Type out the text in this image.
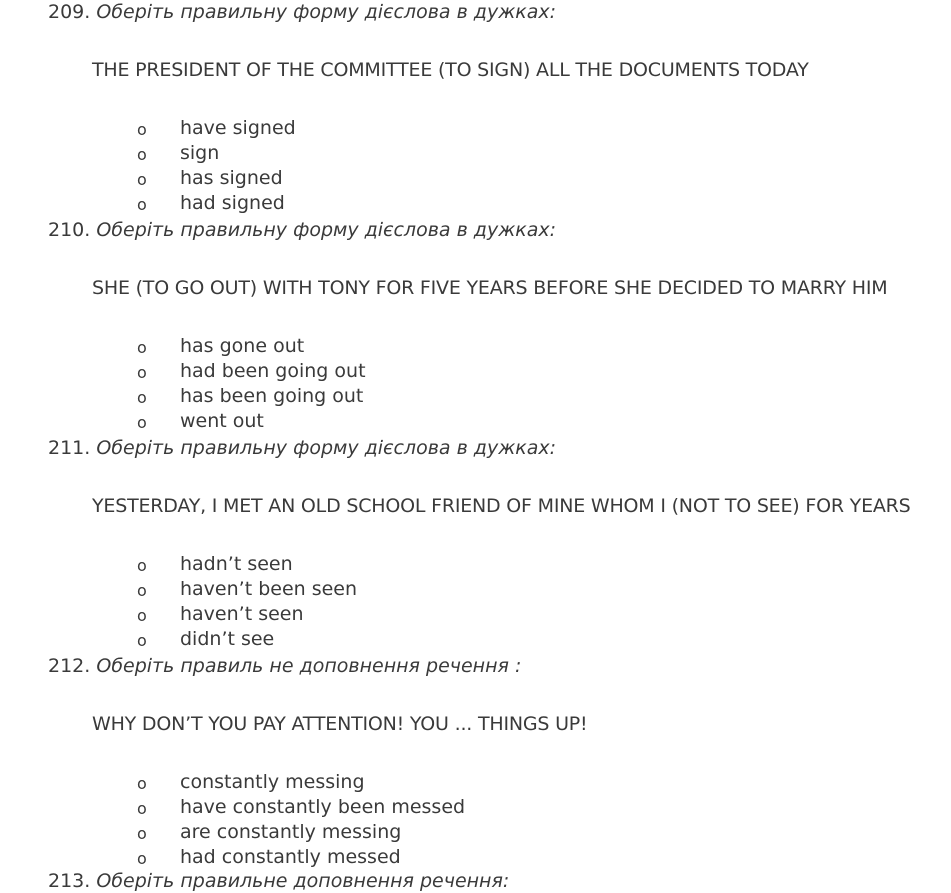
209. Оберіть правильну форму дієслова в дужках:
THE PRESIDENT OF THE COMMITTEE (TO SIGN) ALL THE DOCUMENTS TODAY
o have signed
o sign
o has signed
o had signed
210. Оберіть правильну форму дієслова в дужках:
SHE (TO GO OUT) WITH TONY FOR FIVE YEARS BEFORE SHE DECIDED TO MARRY HIM
o has gone out
o had been going out
o has been going out
o went out
211. Оберіть правильну форму дієслова в дужках:
YESTERDAY, I MET AN OLD SCHOOL FRIEND OF MINE WHOM I (NOT TO SEE) FOR YEARS
o hadn’t seen
o haven’t been seen
o haven’t seen
o didn’t see
212. Оберіть правиль не доповнення речення :
WHY DON’T YOU PAY ATTENTION! YOU ... THINGS UP!
o constantly messing
o have constantly been messed
o are constantly messing
o had constantly messed
213. Оберіть правильне доповнення речення:
